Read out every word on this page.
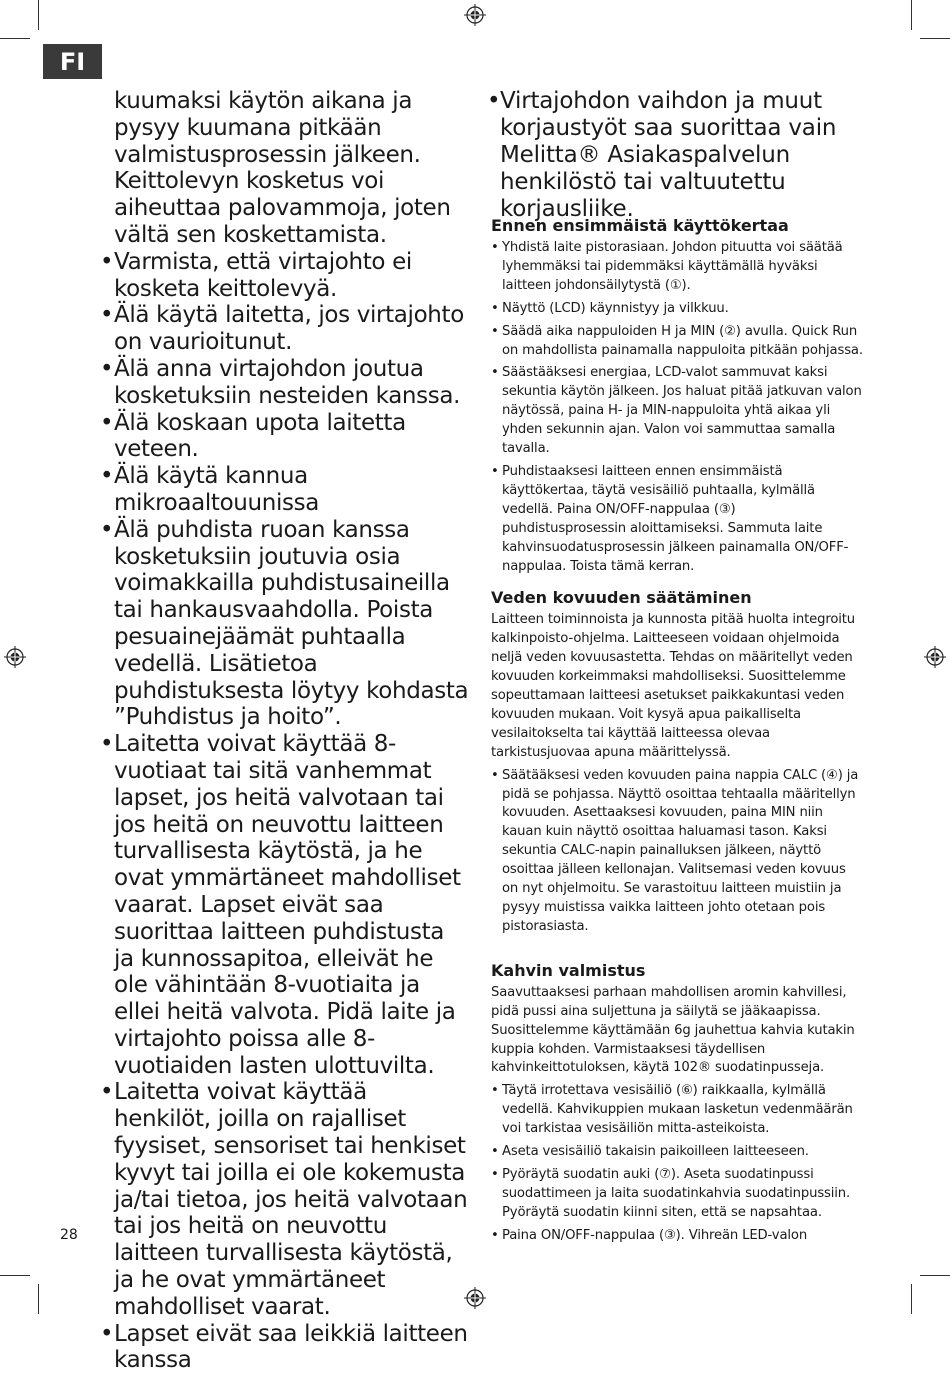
FI

kuumaksi käytön aikana ja pysyy kuumana pitkään valmistusprosessin jälkeen. Keittolevyn kosketus voi aiheuttaa palovammoja, joten vältä sen koskettamista.

• Varmista, että virtajohto ei kosketa keittolevyä.
• Älä käytä laitetta, jos virtajohto on vaurioitunut.
• Älä anna virtajohdon joutua kosketuksiin nesteiden kanssa.
• Älä koskaan upota laitetta veteen.
• Älä käytä kannua mikroaaltouunissa
• Älä puhdista ruoan kanssa kosketuksiin joutuvia osia voimakkailla puhdistusaineilla tai hankausvaahdolla. Poista pesuainejäämät puhtaalla vedellä. Lisätietoa puhdistuksesta löytyy kohdasta ”Puhdistus ja hoito”.
• Laitetta voivat käyttää 8-vuotiaat tai sitä vanhemmat lapset, jos heitä valvotaan tai jos heitä on neuvottu laitteen turvallisesta käytöstä, ja he ovat ymmärtäneet mahdolliset vaarat. Lapset eivät saa suorittaa laitteen puhdistusta ja kunnossapitoa, elleivät he ole vähintään 8-vuotiaita ja ellei heitä valvota. Pidä laite ja virtajohto poissa alle 8-vuotiaiden lasten ulottuvilta.
• Laitetta voivat käyttää henkilöt, joilla on rajalliset fyysiset, sensoriset tai henkiset kyvyt tai joilla ei ole kokemusta ja/tai tietoa, jos heitä valvotaan tai jos heitä on neuvottu laitteen turvallisesta käytöstä, ja he ovat ymmärtäneet mahdolliset vaarat.
• Lapset eivät saa leikkiä laitteen kanssa
• Virtajohdon vaihdon ja muut korjaustyöt saa suorittaa vain Melitta® Asiakaspalvelun henkilöstö tai valtuutettu korjausliike.
Ennen ensimmäistä käyttökertaa
• Yhdistä laite pistorasiaan. Johdon pituutta voi säätää lyhemmäksi tai pidemmäksi käyttämällä hyväksi laitteen johdonsäilytystä (①).
• Näyttö (LCD) käynnistyy ja vilkkuu.
• Säädä aika nappuloiden H ja MIN (②) avulla. Quick Run on mahdollista painamalla nappuloita pitkään pohjassa.
• Säästääksesi energiaa, LCD-valot sammuvat kaksi sekuntia käytön jälkeen. Jos haluat pitää jatkuvan valon näytössä, paina H- ja MIN-nappuloita yhtä aikaa yli yhden sekunnin ajan. Valon voi sammuttaa samalla tavalla.
• Puhdistaaksesi laitteen ennen ensimmäistä käyttökertaa, täytä vesisäiliö puhtaalla, kylmällä vedellä. Paina ON/OFF-nappulaa (③) puhdistusprosessin aloittamiseksi. Sammuta laite kahvinsuodatusprosessin jälkeen painamalla ON/OFF-nappulaa. Toista tämä kerran.
Veden kovuuden säätäminen

Laitteen toiminnoista ja kunnosta pitää huolta integroitu kalkinpoisto-ohjelma. Laitteeseen voidaan ohjelmoida neljä veden kovuusastetta. Tehdas on määritellyt veden kovuuden korkeimmaksi mahdolliseksi. Suosittelemme sopeuttamaan laitteesi asetukset paikkakuntasi veden kovuuden mukaan. Voit kysyä apua paikalliselta vesilaitokselta tai käyttää laitteessa olevaa tarkistusjuovaa apuna määrittelyssä.

• Säätääksesi veden kovuuden paina nappia CALC (④) ja pidä se pohjassa. Näyttö osoittaa tehtaalla määritellyn kovuuden. Asettaaksesi kovuuden, paina MIN niin kauan kuin näyttö osoittaa haluamasi tason. Kaksi sekuntia CALC-napin painalluksen jälkeen, näyttö osoittaa jälleen kellonajan. Valitsemasi veden kovuus on nyt ohjelmoitu. Se varastoituu laitteen muistiin ja pysyy muistissa vaikka laitteen johto otetaan pois pistorasiasta.
Kahvin valmistus

Saavuttaaksesi parhaan mahdollisen aromin kahvillesi, pidä pussi aina suljettuna ja säilytä se jääkaapissa. Suosittelemme käyttämään 6g jauhettua kahvia kutakin kuppia kohden. Varmistaaksesi täydellisen kahvinkeittotuloksen, käytä 102® suodatinpusseja.

• Täytä irrotettava vesisäiliö (⑥) raikkaalla, kylmällä vedellä. Kahvikuppien mukaan lasketun vedenmäärän voi tarkistaa vesisäiliön mitta-asteikoista.
• Aseta vesisäiliö takaisin paikoilleen laitteeseen.
• Pyöräytä suodatin auki (⑦). Aseta suodatinpussi suodattimeen ja laita suodatinkahvia suodatinpussiin. Pyöräytä suodatin kiinni siten, että se napsahtaa.
• Paina ON/OFF-nappulaa (③). Vihreän LED-valon
28
